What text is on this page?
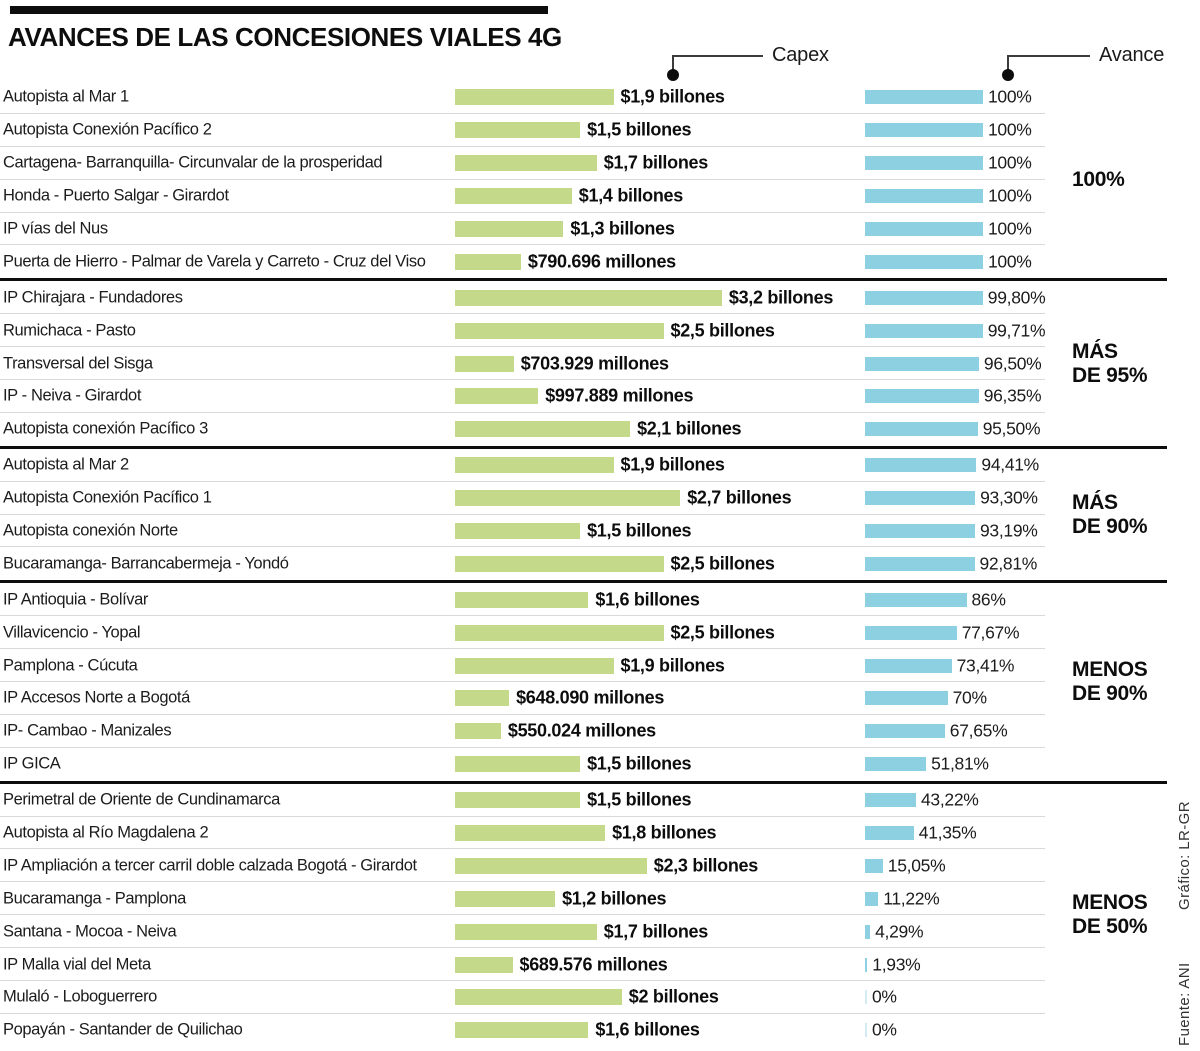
AVANCES DE LAS CONCESIONES VIALES 4G
Capex	Avance
Autopista al Mar 1	$1,9 billones	100%
Autopista Conexión Pacífico 2	$1,5 billones	100%
Cartagena- Barranquilla- Circunvalar de la prosperidad	$1,7 billones	100%
Honda - Puerto Salgar - Girardot	$1,4 billones	100%
IP vías del Nus	$1,3 billones	100%
Puerta de Hierro - Palmar de Varela y Carreto - Cruz del Viso	$790.696 millones	100%
100%
IP Chirajara - Fundadores	$3,2 billones	99,80%
Rumichaca - Pasto	$2,5 billones	99,71%
Transversal del Sisga	$703.929 millones	96,50%
IP - Neiva - Girardot	$997.889 millones	96,35%
Autopista conexión Pacífico 3	$2,1 billones	95,50%
MÁS
DE 95%
Autopista al Mar 2	$1,9 billones	94,41%
Autopista Conexión Pacífico 1	$2,7 billones	93,30%
Autopista conexión Norte	$1,5 billones	93,19%
Bucaramanga- Barrancabermeja - Yondó	$2,5 billones	92,81%
MÁS
DE 90%
IP Antioquia - Bolívar	$1,6 billones	86%
Villavicencio - Yopal	$2,5 billones	77,67%
Pamplona - Cúcuta	$1,9 billones	73,41%
IP Accesos Norte a Bogotá	$648.090 millones	70%
IP- Cambao - Manizales	$550.024 millones	67,65%
IP GICA	$1,5 billones	51,81%
MENOS
DE 90%
Perimetral de Oriente de Cundinamarca	$1,5 billones	43,22%
Autopista al Río Magdalena 2	$1,8 billones	41,35%
IP Ampliación a tercer carril doble calzada Bogotá - Girardot	$2,3 billones	15,05%
Bucaramanga - Pamplona	$1,2 billones	11,22%
Santana - Mocoa - Neiva	$1,7 billones	4,29%
IP Malla vial del Meta	$689.576 millones	1,93%
Mulaló - Loboguerrero	$2 billones	0%
Popayán - Santander de Quilichao	$1,6 billones	0%
MENOS
DE 50%
Gráfico: LR-GR
Fuente: ANI
